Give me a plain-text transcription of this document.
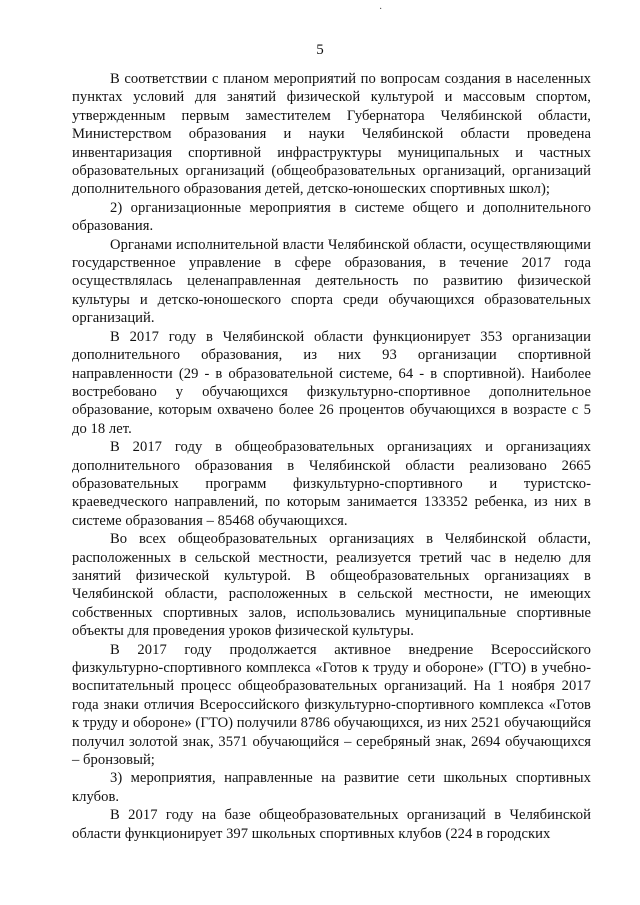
·
5

В соответствии с планом мероприятий по вопросам создания в населенных пунктах условий для занятий физической культурой и массовым спортом, утвержденным первым заместителем Губернатора Челябинской области, Министерством образования и науки Челябинской области проведена инвентаризация спортивной инфраструктуры муниципальных и частных образовательных организаций (общеобразовательных организаций, организаций дополнительного образования детей, детско-юношеских спортивных школ);

2) организационные мероприятия в системе общего и дополнительного образования.

Органами исполнительной власти Челябинской области, осуществляющими государственное управление в сфере образования, в течение 2017 года осуществлялась целенаправленная деятельность по развитию физической культуры и детско-юношеского спорта среди обучающихся образовательных организаций.

В 2017 году в Челябинской области функционирует 353 организации дополнительного образования, из них 93 организации спортивной направленности (29 - в образовательной системе, 64 - в спортивной). Наиболее востребовано у обучающихся физкультурно-спортивное дополнительное образование, которым охвачено более 26 процентов обучающихся в возрасте с 5 до 18 лет.

В 2017 году в общеобразовательных организациях и организациях дополнительного образования в Челябинской области реализовано 2665 образовательных программ физкультурно-спортивного и туристско-краеведческого направлений, по которым занимается 133352 ребенка, из них в системе образования – 85468 обучающихся.

Во всех общеобразовательных организациях в Челябинской области, расположенных в сельской местности, реализуется третий час в неделю для занятий физической культурой. В общеобразовательных организациях в Челябинской области, расположенных в сельской местности, не имеющих собственных спортивных залов, использовались муниципальные спортивные объекты для проведения уроков физической культуры.

В 2017 году продолжается активное внедрение Всероссийского физкультурно-спортивного комплекса «Готов к труду и обороне» (ГТО) в учебно-воспитательный процесс общеобразовательных организаций. На 1 ноября 2017 года знаки отличия Всероссийского физкультурно-спортивного комплекса «Готов к труду и обороне» (ГТО) получили 8786 обучающихся, из них 2521 обучающийся получил золотой знак, 3571 обучающийся – серебряный знак, 2694 обучающихся – бронзовый;

3) мероприятия, направленные на развитие сети школьных спортивных клубов.

В 2017 году на базе общеобразовательных организаций в Челябинской области функционирует 397 школьных спортивных клубов (224 в городских
